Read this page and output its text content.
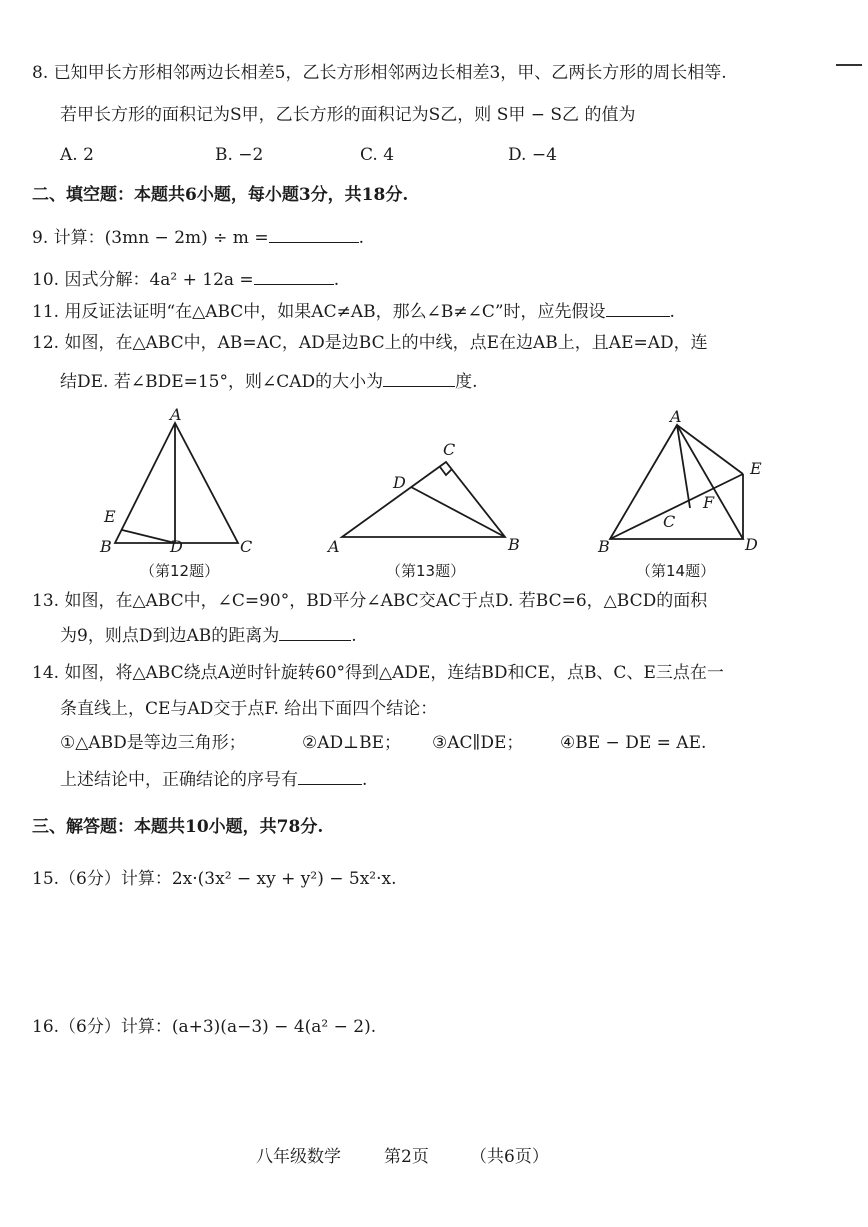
8. 已知甲长方形相邻两边长相差5，乙长方形相邻两边长相差3，甲、乙两长方形的周长相等.
若甲长方形的面积记为S甲，乙长方形的面积记为S乙，则 S甲 − S乙 的值为
A. 2	B. −2	C. 4	D. −4
二、填空题：本题共6小题，每小题3分，共18分.
9. 计算：(3mn − 2m) ÷ m =	.
10. 因式分解：4a² + 12a =	.
11. 用反证法证明“在△ABC中，如果AC≠AB，那么∠B≠∠C”时，应先假设	.
12. 如图，在△ABC中，AB=AC，AD是边BC上的中线，点E在边AB上，且AE=AD，连
结DE. 若∠BDE=15°，则∠CAD的大小为	度.
A
B	C
D
E
C
D
A	B
A
B
C
D
E
F
（第12题）	（第13题）	（第14题）
13. 如图，在△ABC中，∠C=90°，BD平分∠ABC交AC于点D. 若BC=6，△BCD的面积
为9，则点D到边AB的距离为	.
14. 如图，将△ABC绕点A逆时针旋转60°得到△ADE，连结BD和CE，点B、C、E三点在一
条直线上，CE与AD交于点F. 给出下面四个结论：
①△ABD是等边三角形；	②AD⊥BE； ③AC∥DE； ④BE − DE = AE.
上述结论中，正确结论的序号有	.
三、解答题：本题共10小题，共78分.
15.（6分）计算：2x·(3x² − xy + y²) − 5x²·x.
16.（6分）计算：(a+3)(a−3) − 4(a² − 2).
八年级数学	第2页 （共6页）
